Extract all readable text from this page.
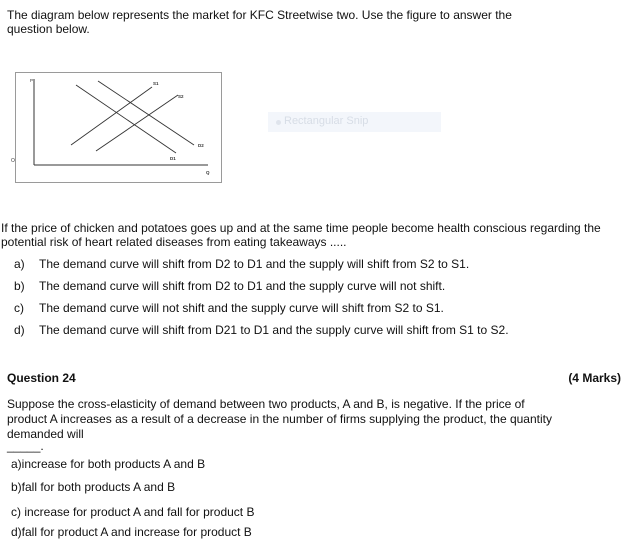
The diagram below represents the market for KFC Streetwise two. Use the figure to answer the question below.
P
S1
S2
D2
D1
Q
O
Rectangular Snip
If the price of chicken and potatoes goes up and at the same time people become health conscious regarding the potential risk of heart related diseases from eating takeaways .....
a) The demand curve will shift from D2 to D1 and the supply will shift from S2 to S1.
b) The demand curve will shift from D2 to D1 and the supply curve will not shift.
c) The demand curve will not shift and the supply curve will shift from S2 to S1.
d) The demand curve will shift from D21 to D1 and the supply curve will shift from S1 to S2.
Question 24	(4 Marks)
Suppose the cross-elasticity of demand between two products, A and B, is negative. If the price of product A increases as a result of a decrease in the number of firms supplying the product, the quantity demanded will
_____.
a)increase for both products A and B
b)fall for both products A and B
c) increase for product A and fall for product B
d)fall for product A and increase for product B
